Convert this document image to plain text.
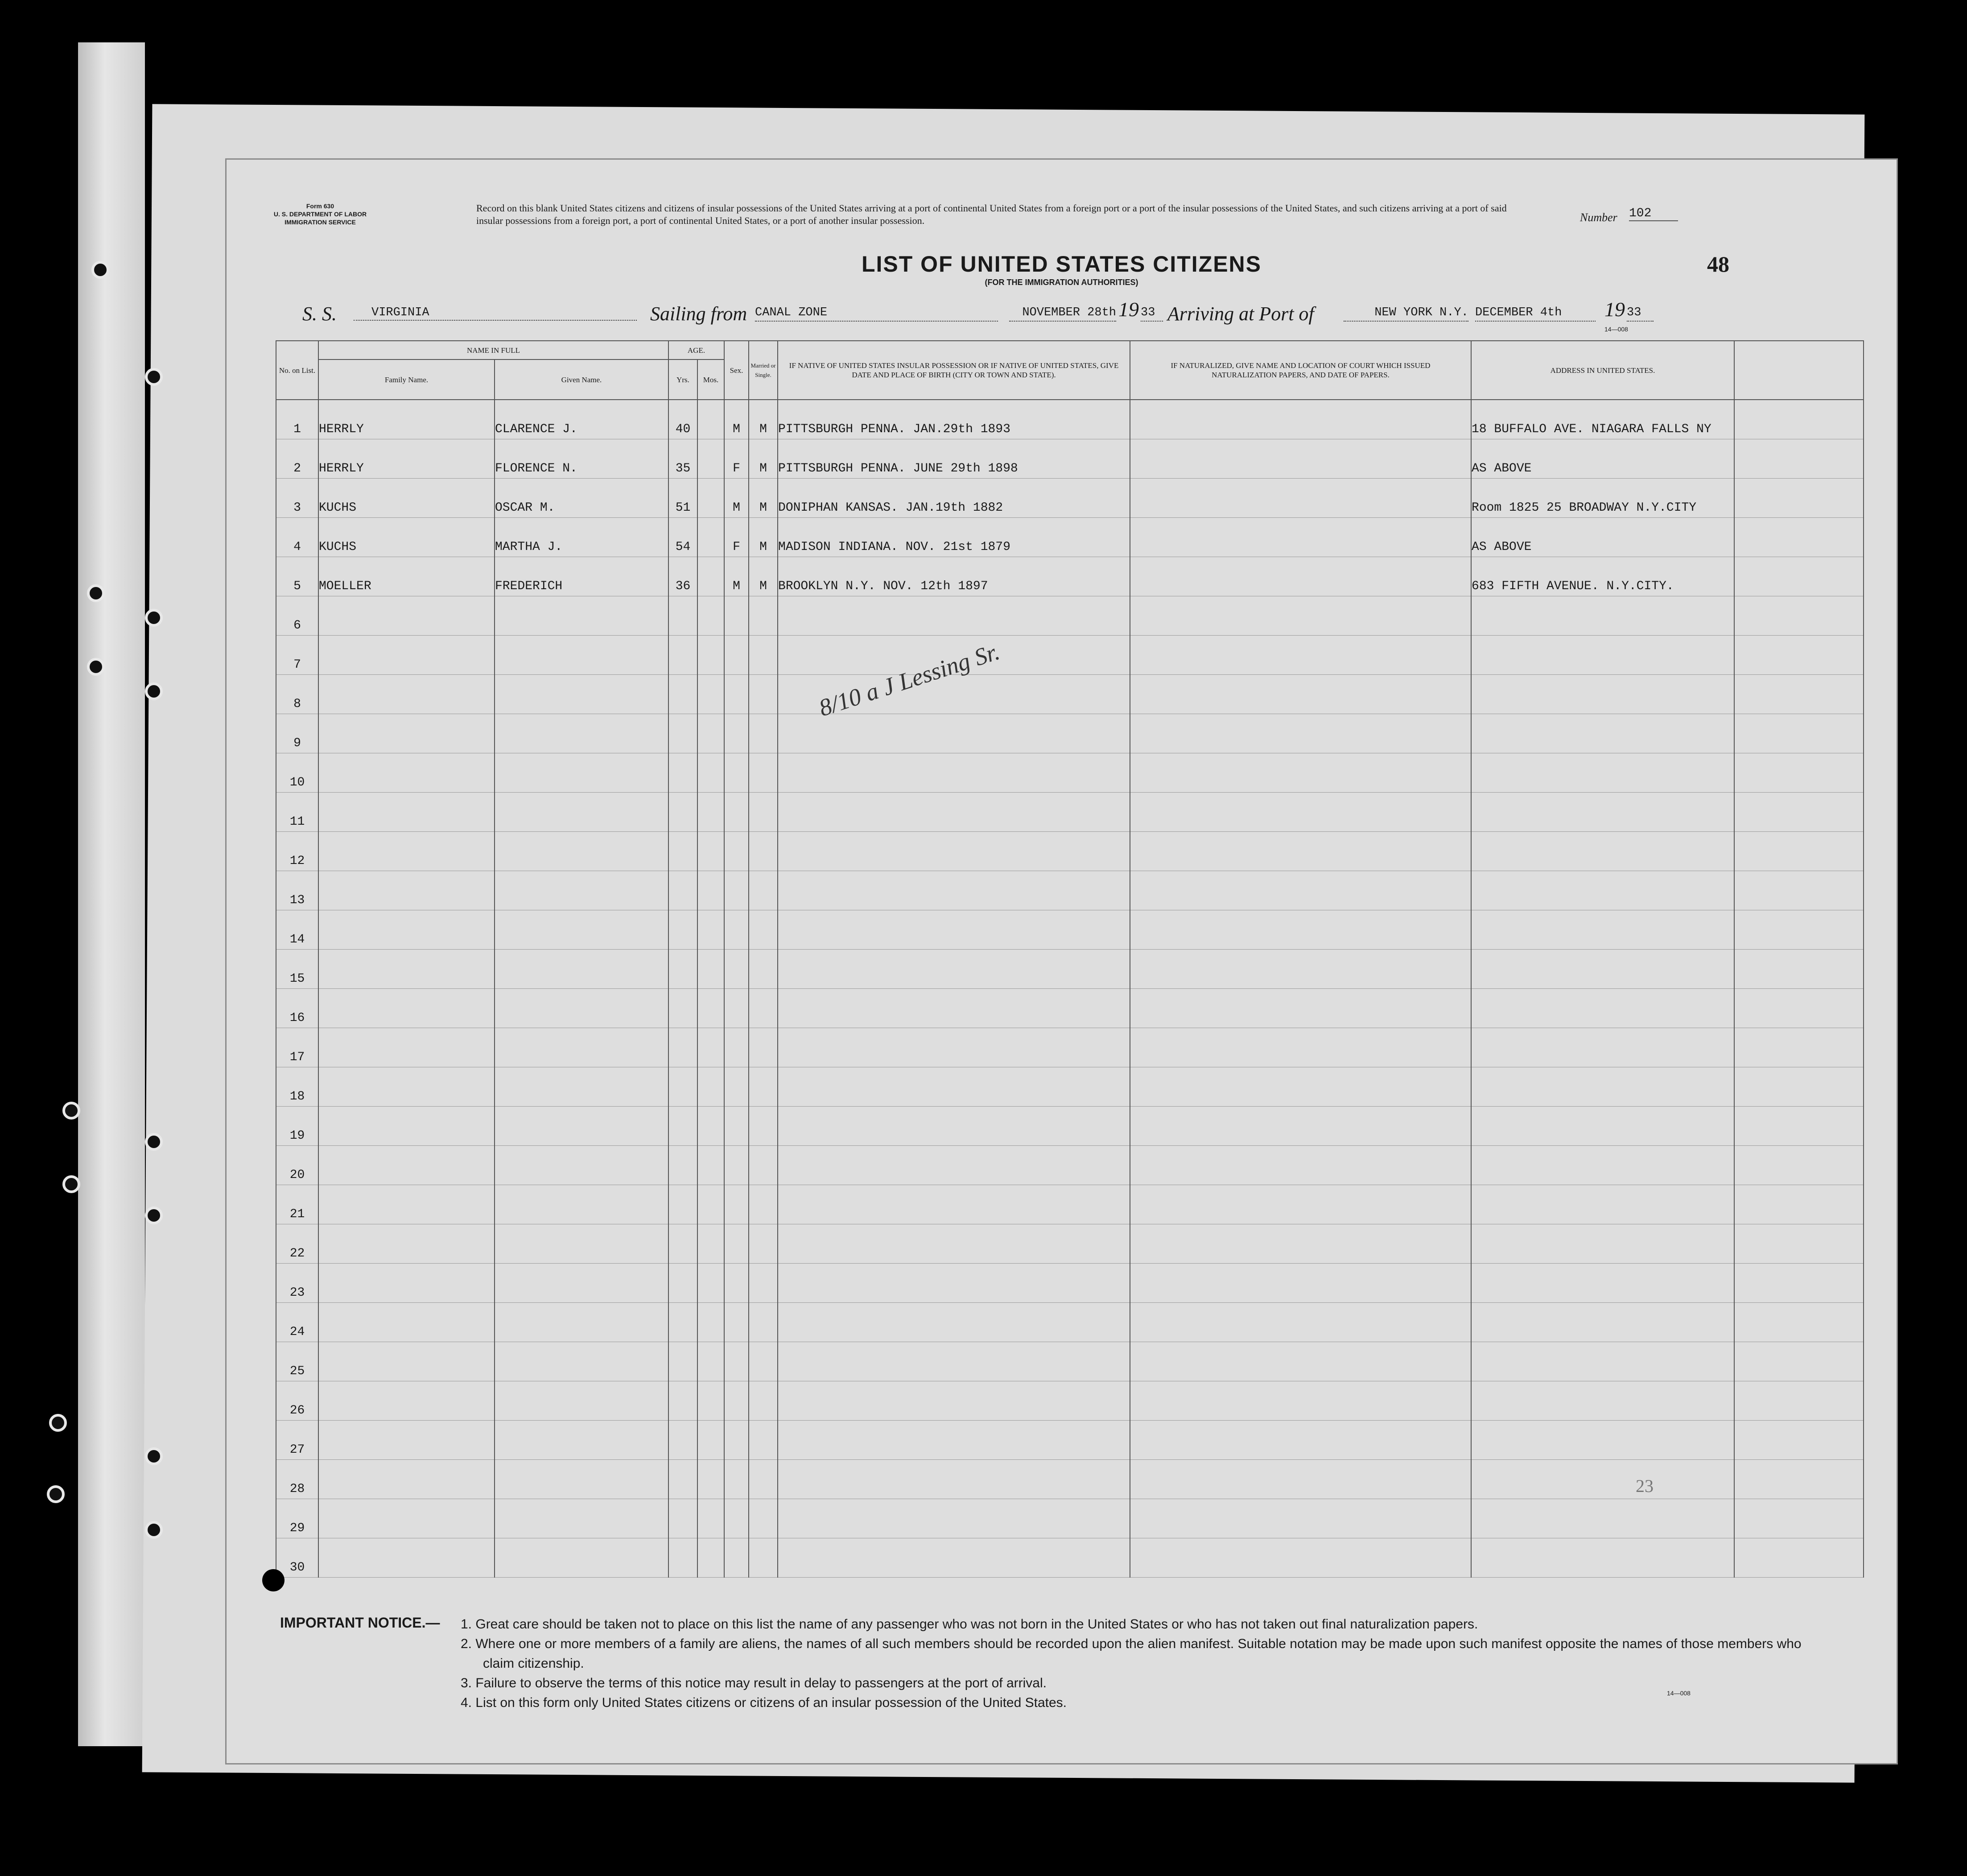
Form 630
U. S. DEPARTMENT OF LABOR
IMMIGRATION SERVICE
Record on this blank United States citizens and citizens of insular possessions of the United States arriving at a port of continental United States from a foreign port or a port of the insular possessions of the United States, and such citizens arriving at a port of said insular possessions from a foreign port, a port of continental United States, or a port of another insular possession.	Number 102
48
LIST OF UNITED STATES CITIZENS
(FOR THE IMMIGRATION AUTHORITIES)
S. S.	VIRGINIA	Sailing from CANAL ZONE	NOVEMBER 28th 19 33 Arriving at Port of	NEW YORK N.Y. DECEMBER 4th	19 33
14—008
No. on List.	NAME IN FULL		AGE.		Sex.	Married or Single.	IF NATIVE OF UNITED STATES INSULAR POSSESSION OR IF NATIVE OF UNITED STATES, GIVE DATE AND PLACE OF BIRTH (CITY OR TOWN AND STATE).	IF NATURALIZED, GIVE NAME AND LOCATION OF COURT WHICH ISSUED NATURALIZATION PAPERS, AND DATE OF PAPERS.	ADDRESS IN UNITED STATES.	
	Family Name.	Given Name.	Yrs.	Mos.						
1	HERRLY	CLARENCE J.	40		M	M	PITTSBURGH PENNA. JAN.29th 1893		18 BUFFALO AVE. NIAGARA FALLS NY	
2	HERRLY	FLORENCE N.	35		F	M	PITTSBURGH PENNA. JUNE 29th 1898		AS ABOVE	
3	KUCHS	OSCAR M.	51		M	M	DONIPHAN KANSAS. JAN.19th 1882		Room 1825 25 BROADWAY N.Y.CITY	
4	KUCHS	MARTHA J.	54		F	M	MADISON INDIANA. NOV. 21st 1879		AS ABOVE	
5	MOELLER	FREDERICH	36		M	M	BROOKLYN N.Y. NOV. 12th 1897		683 FIFTH AVENUE. N.Y.CITY.	
6										
7										
8										
9										
10										
11										
12										
13										
14										
15										
16										
17										
18										
19										
20										
21										
22										
23										
24										
25										
26										
27										
28										
29										
30										
8/10 a J Lessing Sr.
23
IMPORTANT NOTICE.— 1. Great care should be taken not to place on this list the name of any passenger who was not born in the United States or who has not taken out final naturalization papers.
2. Where one or more members of a family are aliens, the names of all such members should be recorded upon the alien manifest. Suitable notation may be made upon such manifest opposite the names of those members who claim citizenship.
3. Failure to observe the terms of this notice may result in delay to passengers at the port of arrival.
4. List on this form only United States citizens or citizens of an insular possession of the United States.
14—008
